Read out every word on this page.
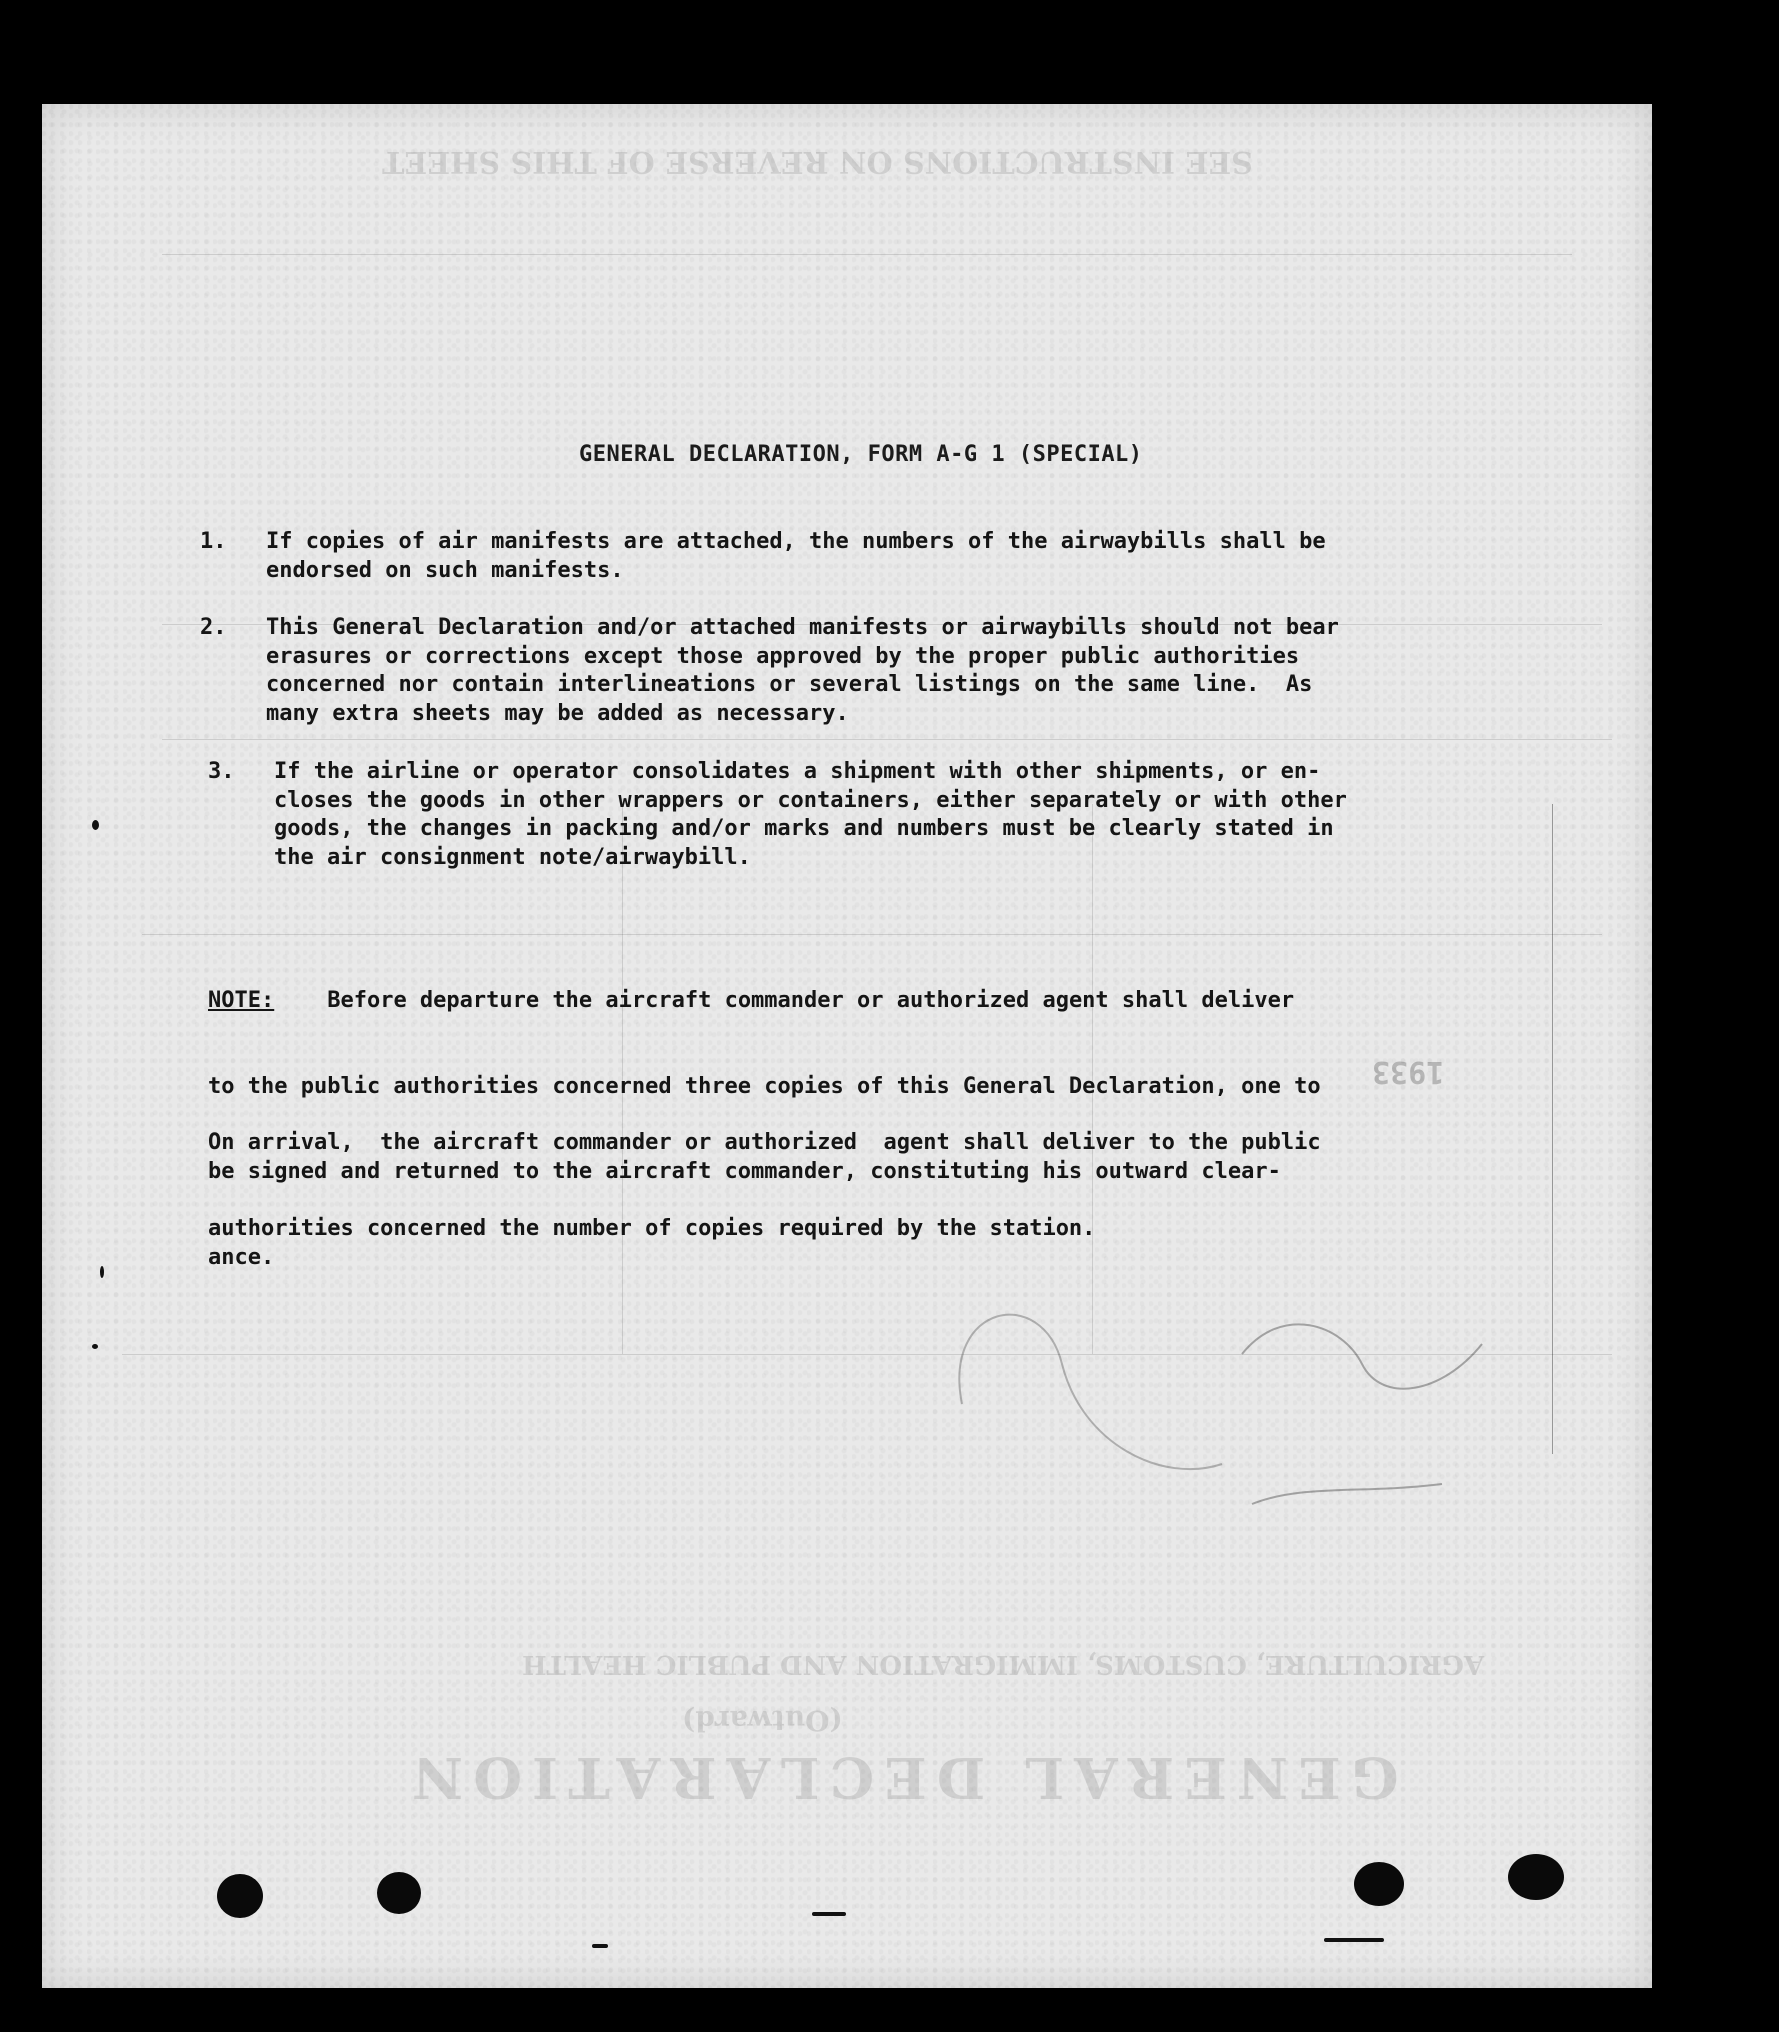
SEE INSTRUCTIONS ON REVERSE OF THIS SHEET
AGRICULTURE, CUSTOMS, IMMIGRATION AND PUBLIC HEALTH
(Outward)
GENERAL DECLARATION
1933
GENERAL DECLARATION, FORM A-G 1 (SPECIAL)
1. If copies of air manifests are attached, the numbers of the airwaybills shall be
endorsed on such manifests.
2. This General Declaration and/or attached manifests or airwaybills should not bear
erasures or corrections except those approved by the proper public authorities
concerned nor contain interlineations or several listings on the same line.  As
many extra sheets may be added as necessary.
3. If the airline or operator consolidates a shipment with other shipments, or en-
closes the goods in other wrappers or containers, either separately or with other
goods, the changes in packing and/or marks and numbers must be clearly stated in
the air consignment note/airwaybill.

NOTE:    Before departure the aircraft commander or authorized agent shall deliver

to the public authorities concerned three copies of this General Declaration, one to

be signed and returned to the aircraft commander, constituting his outward clear-

ance.

On arrival,  the aircraft commander or authorized  agent shall deliver to the public

authorities concerned the number of copies required by the station.
